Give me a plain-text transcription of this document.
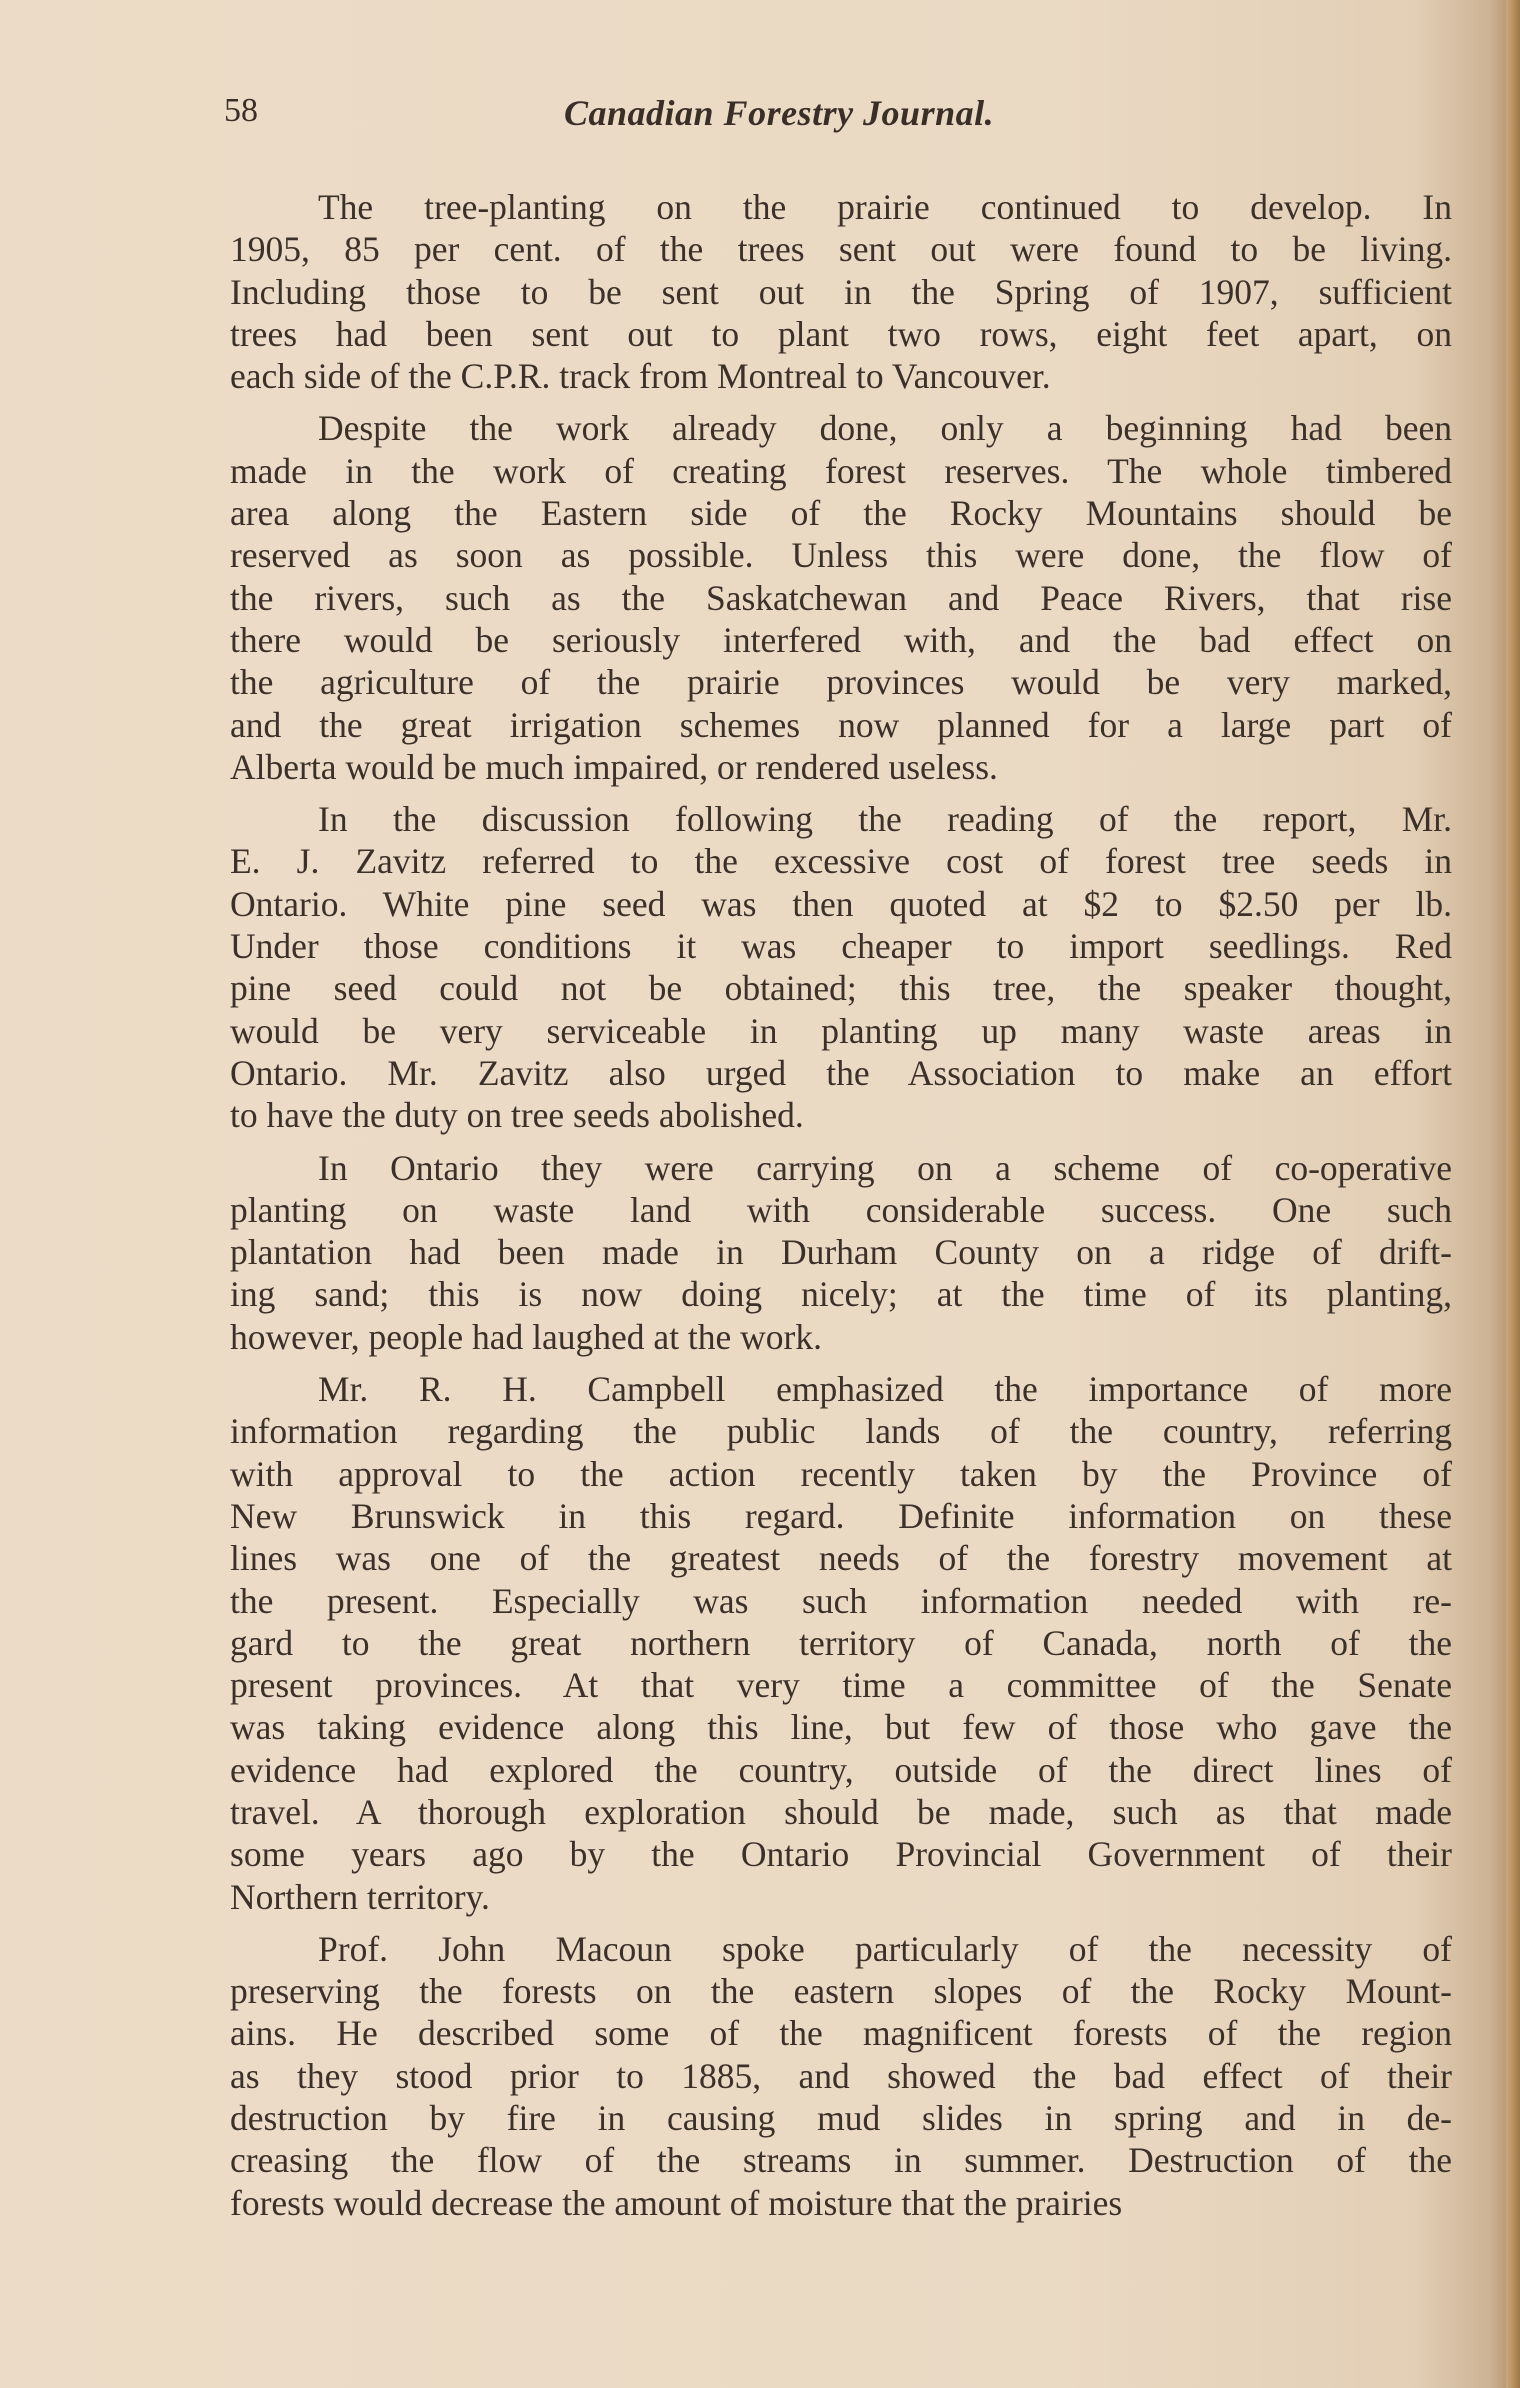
58	Canadian Forestry Journal.
The tree-planting on the prairie continued to develop. In
1905, 85 per cent. of the trees sent out were found to be living.
Including those to be sent out in the Spring of 1907, sufficient
trees had been sent out to plant two rows, eight feet apart, on
each side of the C.P.R. track from Montreal to Vancouver.
Despite the work already done, only a beginning had been
made in the work of creating forest reserves. The whole timbered
area along the Eastern side of the Rocky Mountains should be
reserved as soon as possible. Unless this were done, the flow of
the rivers, such as the Saskatchewan and Peace Rivers, that rise
there would be seriously interfered with, and the bad effect on
the agriculture of the prairie provinces would be very marked,
and the great irrigation schemes now planned for a large part of
Alberta would be much impaired, or rendered useless.
In the discussion following the reading of the report, Mr.
E. J. Zavitz referred to the excessive cost of forest tree seeds in
Ontario. White pine seed was then quoted at $2 to $2.50 per lb.
Under those conditions it was cheaper to import seedlings. Red
pine seed could not be obtained; this tree, the speaker thought,
would be very serviceable in planting up many waste areas in
Ontario. Mr. Zavitz also urged the Association to make an effort
to have the duty on tree seeds abolished.
In Ontario they were carrying on a scheme of co-operative
planting on waste land with considerable success. One such
plantation had been made in Durham County on a ridge of drift-
ing sand; this is now doing nicely; at the time of its planting,
however, people had laughed at the work.
Mr. R. H. Campbell emphasized the importance of more
information regarding the public lands of the country, referring
with approval to the action recently taken by the Province of
New Brunswick in this regard. Definite information on these
lines was one of the greatest needs of the forestry movement at
the present. Especially was such information needed with re-
gard to the great northern territory of Canada, north of the
present provinces. At that very time a committee of the Senate
was taking evidence along this line, but few of those who gave the
evidence had explored the country, outside of the direct lines of
travel. A thorough exploration should be made, such as that made
some years ago by the Ontario Provincial Government of their
Northern territory.
Prof. John Macoun spoke particularly of the necessity of
preserving the forests on the eastern slopes of the Rocky Mount-
ains. He described some of the magnificent forests of the region
as they stood prior to 1885, and showed the bad effect of their
destruction by fire in causing mud slides in spring and in de-
creasing the flow of the streams in summer. Destruction of the
forests would decrease the amount of moisture that the prairies
